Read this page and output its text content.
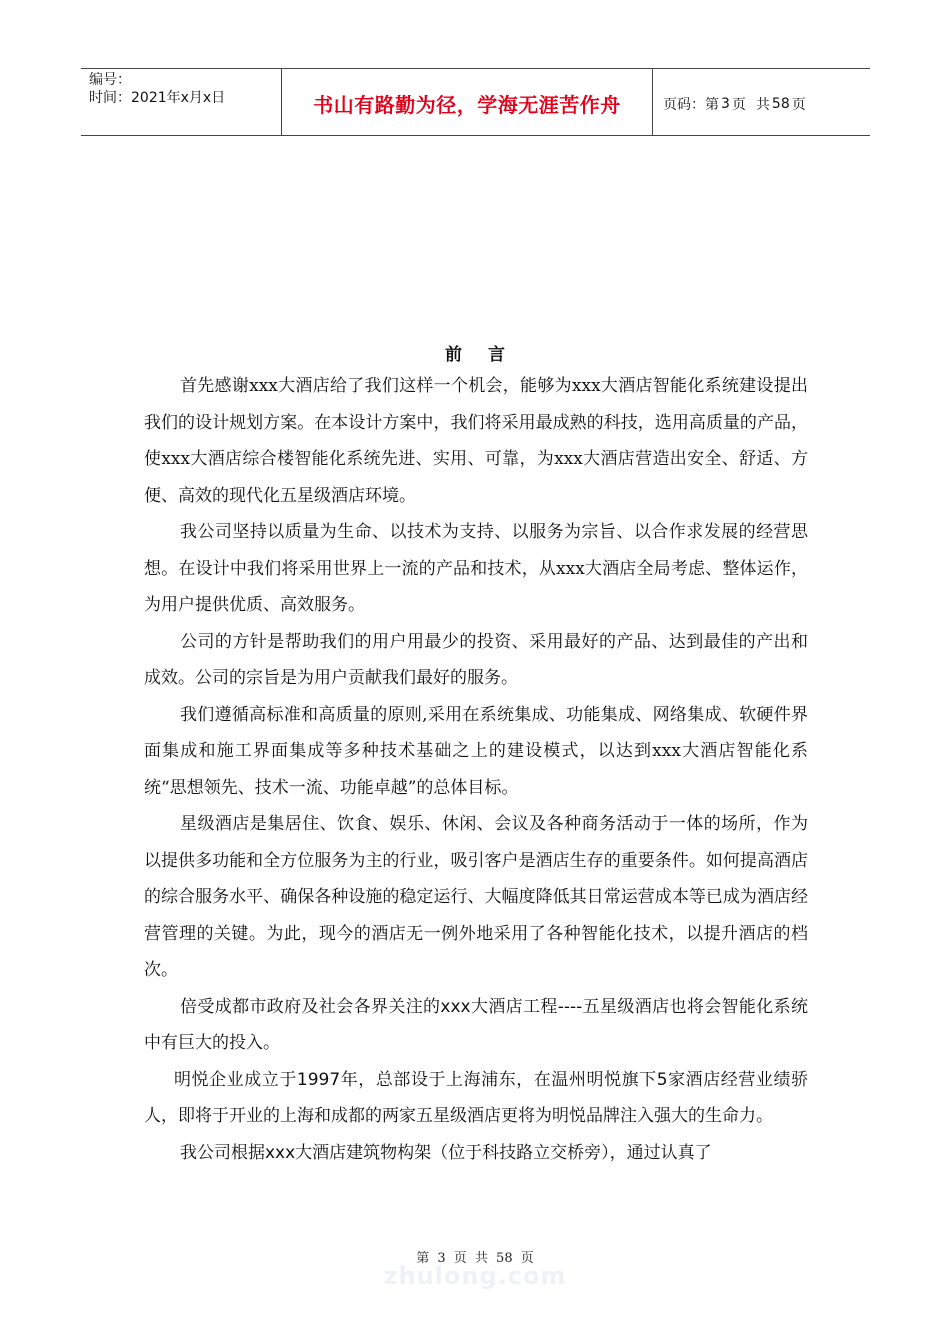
编号：
时间：2021年x月x日	书山有路勤为径，学海无涯苦作舟	页码：第 3 页 共 58 页
前言

首先感谢xxx大酒店给了我们这样一个机会，能够为xxx大酒店智能化系统建设提出我们的设计规划方案。在本设计方案中，我们将采用最成熟的科技，选用高质量的产品，使xxx大酒店综合楼智能化系统先进、实用、可靠，为xxx大酒店营造出安全、舒适、方便、高效的现代化五星级酒店环境。

我公司坚持以质量为生命、以技术为支持、以服务为宗旨、以合作求发展的经营思想。在设计中我们将采用世界上一流的产品和技术，从xxx大酒店全局考虑、整体运作，为用户提供优质、高效服务。

公司的方针是帮助我们的用户用最少的投资、采用最好的产品、达到最佳的产出和成效。公司的宗旨是为用户贡献我们最好的服务。

我们遵循高标准和高质量的原则,采用在系统集成、功能集成、网络集成、软硬件界面集成和施工界面集成等多种技术基础之上的建设模式，以达到xxx大酒店智能化系统“思想领先、技术一流、功能卓越”的总体目标。

星级酒店是集居住、饮食、娱乐、休闲、会议及各种商务活动于一体的场所，作为以提供多功能和全方位服务为主的行业，吸引客户是酒店生存的重要条件。如何提高酒店的综合服务水平、确保各种设施的稳定运行、大幅度降低其日常运营成本等已成为酒店经营管理的关键。为此，现今的酒店无一例外地采用了各种智能化技术，以提升酒店的档次。

倍受成都市政府及社会各界关注的xxx大酒店工程----五星级酒店也将会智能化系统中有巨大的投入。

明悦企业成立于1997年，总部设于上海浦东，在温州明悦旗下5家酒店经营业绩骄人，即将于开业的上海和成都的两家五星级酒店更将为明悦品牌注入强大的生命力。

我公司根据xxx大酒店建筑物构架（位于科技路立交桥旁），通过认真了

第 3 页 共 58 页
zhulong.com
